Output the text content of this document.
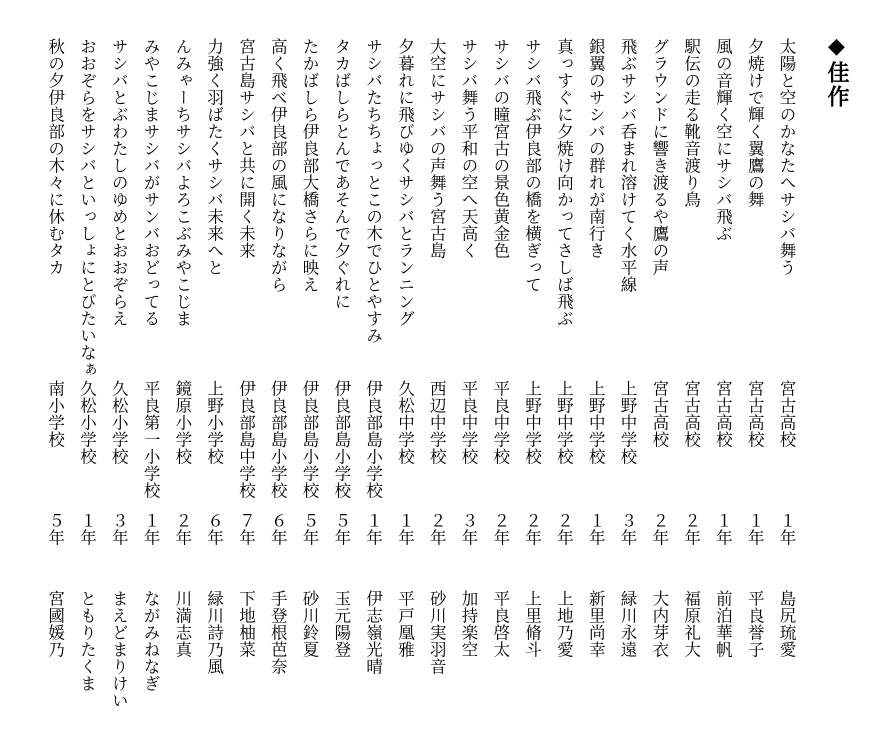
◆佳作
太陽と空のかなたへサシバ舞う
宮古高校
１年
島尻琉愛
夕焼けで輝く翼鷹の舞
宮古高校
１年
平良誉子
風の音輝く空にサシバ飛ぶ
宮古高校
１年
前泊華帆
駅伝の走る靴音渡り鳥
宮古高校
２年
福原礼大
グラウンドに響き渡るや鷹の声
宮古高校
２年
大内芽衣
飛ぶサシバ呑まれ溶けてく水平線
上野中学校
３年
緑川永遠
銀翼のサシバの群れが南行き
上野中学校
１年
新里尚幸
真っすぐに夕焼け向かってさしば飛ぶ
上野中学校
２年
上地乃愛
サシバ飛ぶ伊良部の橋を横ぎって
上野中学校
２年
上里脩斗
サシバの瞳宮古の景色黄金色
平良中学校
２年
平良啓太
サシバ舞う平和の空へ天高く
平良中学校
３年
加持楽空
大空にサシバの声舞う宮古島
西辺中学校
２年
砂川実羽音
夕暮れに飛びゆくサシバとランニング
久松中学校
１年
平戸凰雅
サシバたちちょっとこの木でひとやすみ
伊良部島小学校
１年
伊志嶺光晴
タカばしらとんであそんで夕ぐれに
伊良部島小学校
５年
玉元陽登
たかばしら伊良部大橋さらに映え
伊良部島小学校
５年
砂川鈴夏
高く飛べ伊良部の風になりながら
伊良部島小学校
６年
手登根芭奈
宮古島サシバと共に開く未来
伊良部島中学校
７年
下地柚菜
力強く羽ばたくサシバ未来へと
上野小学校
６年
緑川詩乃風
んみゃーちサシバよろこぶみやこじま
鏡原小学校
２年
川満志真
みやこじまサシバがサンバおどってる
平良第一小学校
１年
ながみねなぎ
サシバとぶわたしのゆめとおおぞらえ
久松小学校
３年
まえどまりけい
おおぞらをサシバといっしょにとびたいなぁ
久松小学校
１年
ともりたくま
秋の夕伊良部の木々に休むタカ
南小学校
５年
宮國媛乃
